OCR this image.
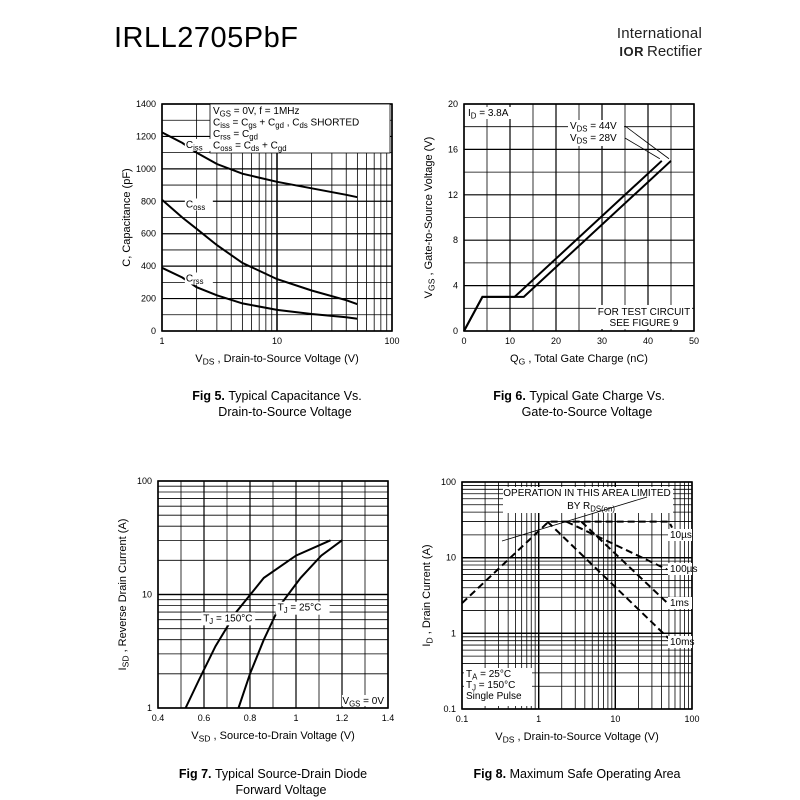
IRLL2705PbF	International
IOR Rectifier
1	10	100
0
200
400
600
800
1000
1200
1400
$V_{DS}$ , Drain-to-Source Voltage (V)
C, Capacitance (pF)
Fig 5. Typical Capacitance Vs.
Drain-to-Source Voltage
$V_{GS} = 0V$, f = 1MHz
$C_{iss} = C_{gs} + C_{gd}$ , $C_{ds}$ SHORTED
$C_{rss} = C_{gd}$
$C_{oss} = C_{ds} + C_{gd}$
$C_{iss}$
$C_{oss}$
$C_{rss}$
0	10	20	30	40	50
0
4
8
12
16
20
$Q_G$ , Total Gate Charge (nC)
$V_{GS}$ , Gate-to-Source Voltage (V)
Fig 6. Typical Gate Charge Vs.
Gate-to-Source Voltage
$I_D = 3.8A$
FOR TEST CIRCUIT
SEE FIGURE 9
$V_{DS} = 44V$
$V_{DS} = 28V$
0.4	0.6	0.8	1	1.2	1.4
1
10
100
$V_{SD}$ , Source-to-Drain Voltage (V)
$I_{SD}$ , Reverse Drain Current (A)
Fig 7. Typical Source-Drain Diode
Forward Voltage
$V_{GS} = 0V$
$T_J = 150^\circ C$
$T_J = 25^\circ C$
0.1	1	10	100
0.1
1
10
100
$V_{DS}$ , Drain-to-Source Voltage (V)
$I_D$ , Drain Current (A)
Fig 8. Maximum Safe Operating Area
OPERATION IN THIS AREA LIMITED
BY $R_{DS(on)}$
$T_A = 25^\circ C$
$T_J = 150^\circ C$
Single Pulse
10µs
100µs
1ms
10ms
